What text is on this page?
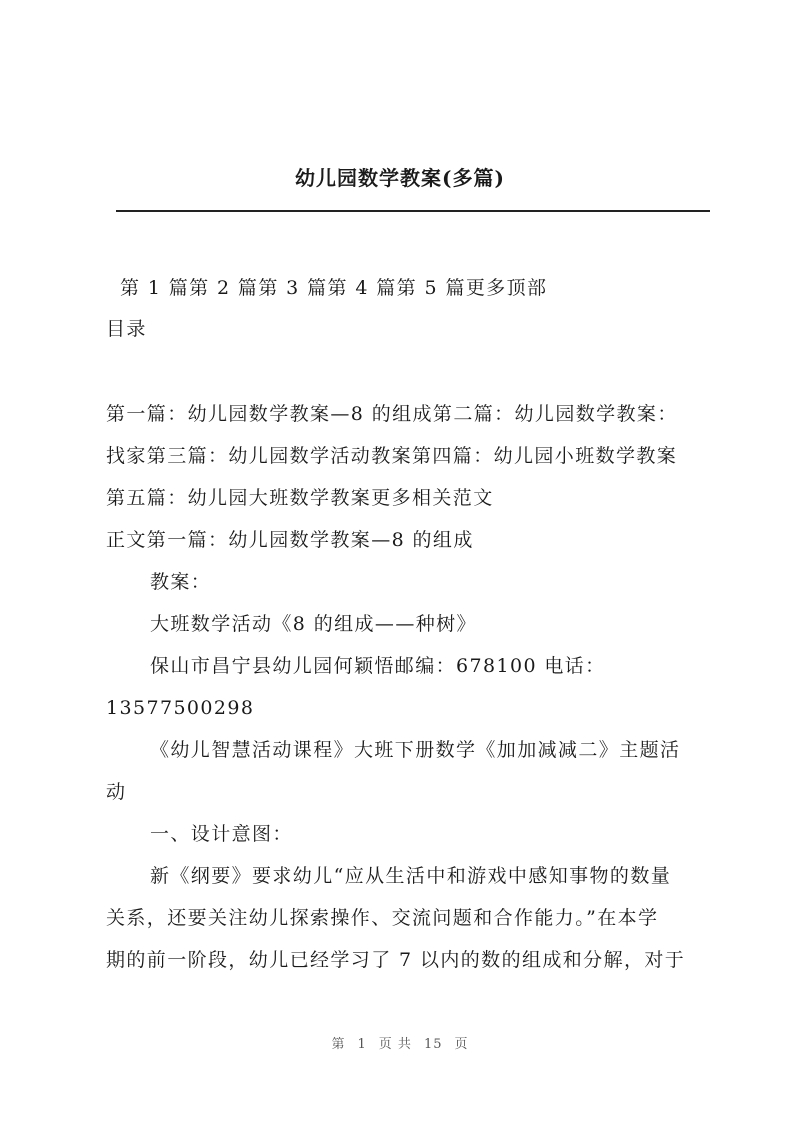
幼儿园数学教案(多篇)
第 1 篇第 2 篇第 3 篇第 4 篇第 5 篇更多顶部
目录
第一篇：幼儿园数学教案—8 的组成第二篇：幼儿园数学教案：
找家第三篇：幼儿园数学活动教案第四篇：幼儿园小班数学教案
第五篇：幼儿园大班数学教案更多相关范文
正文第一篇：幼儿园数学教案—8 的组成
教案：
大班数学活动《8 的组成——种树》
保山市昌宁县幼儿园何颖悟邮编：678100 电话：
13577500298
《幼儿智慧活动课程》大班下册数学《加加减减二》主题活
动
一、设计意图：
新《纲要》要求幼儿“应从生活中和游戏中感知事物的数量
关系，还要关注幼儿探索操作、交流问题和合作能力。”在本学
期的前一阶段，幼儿已经学习了 7 以内的数的组成和分解，对于
第 1 页 共 15 页
